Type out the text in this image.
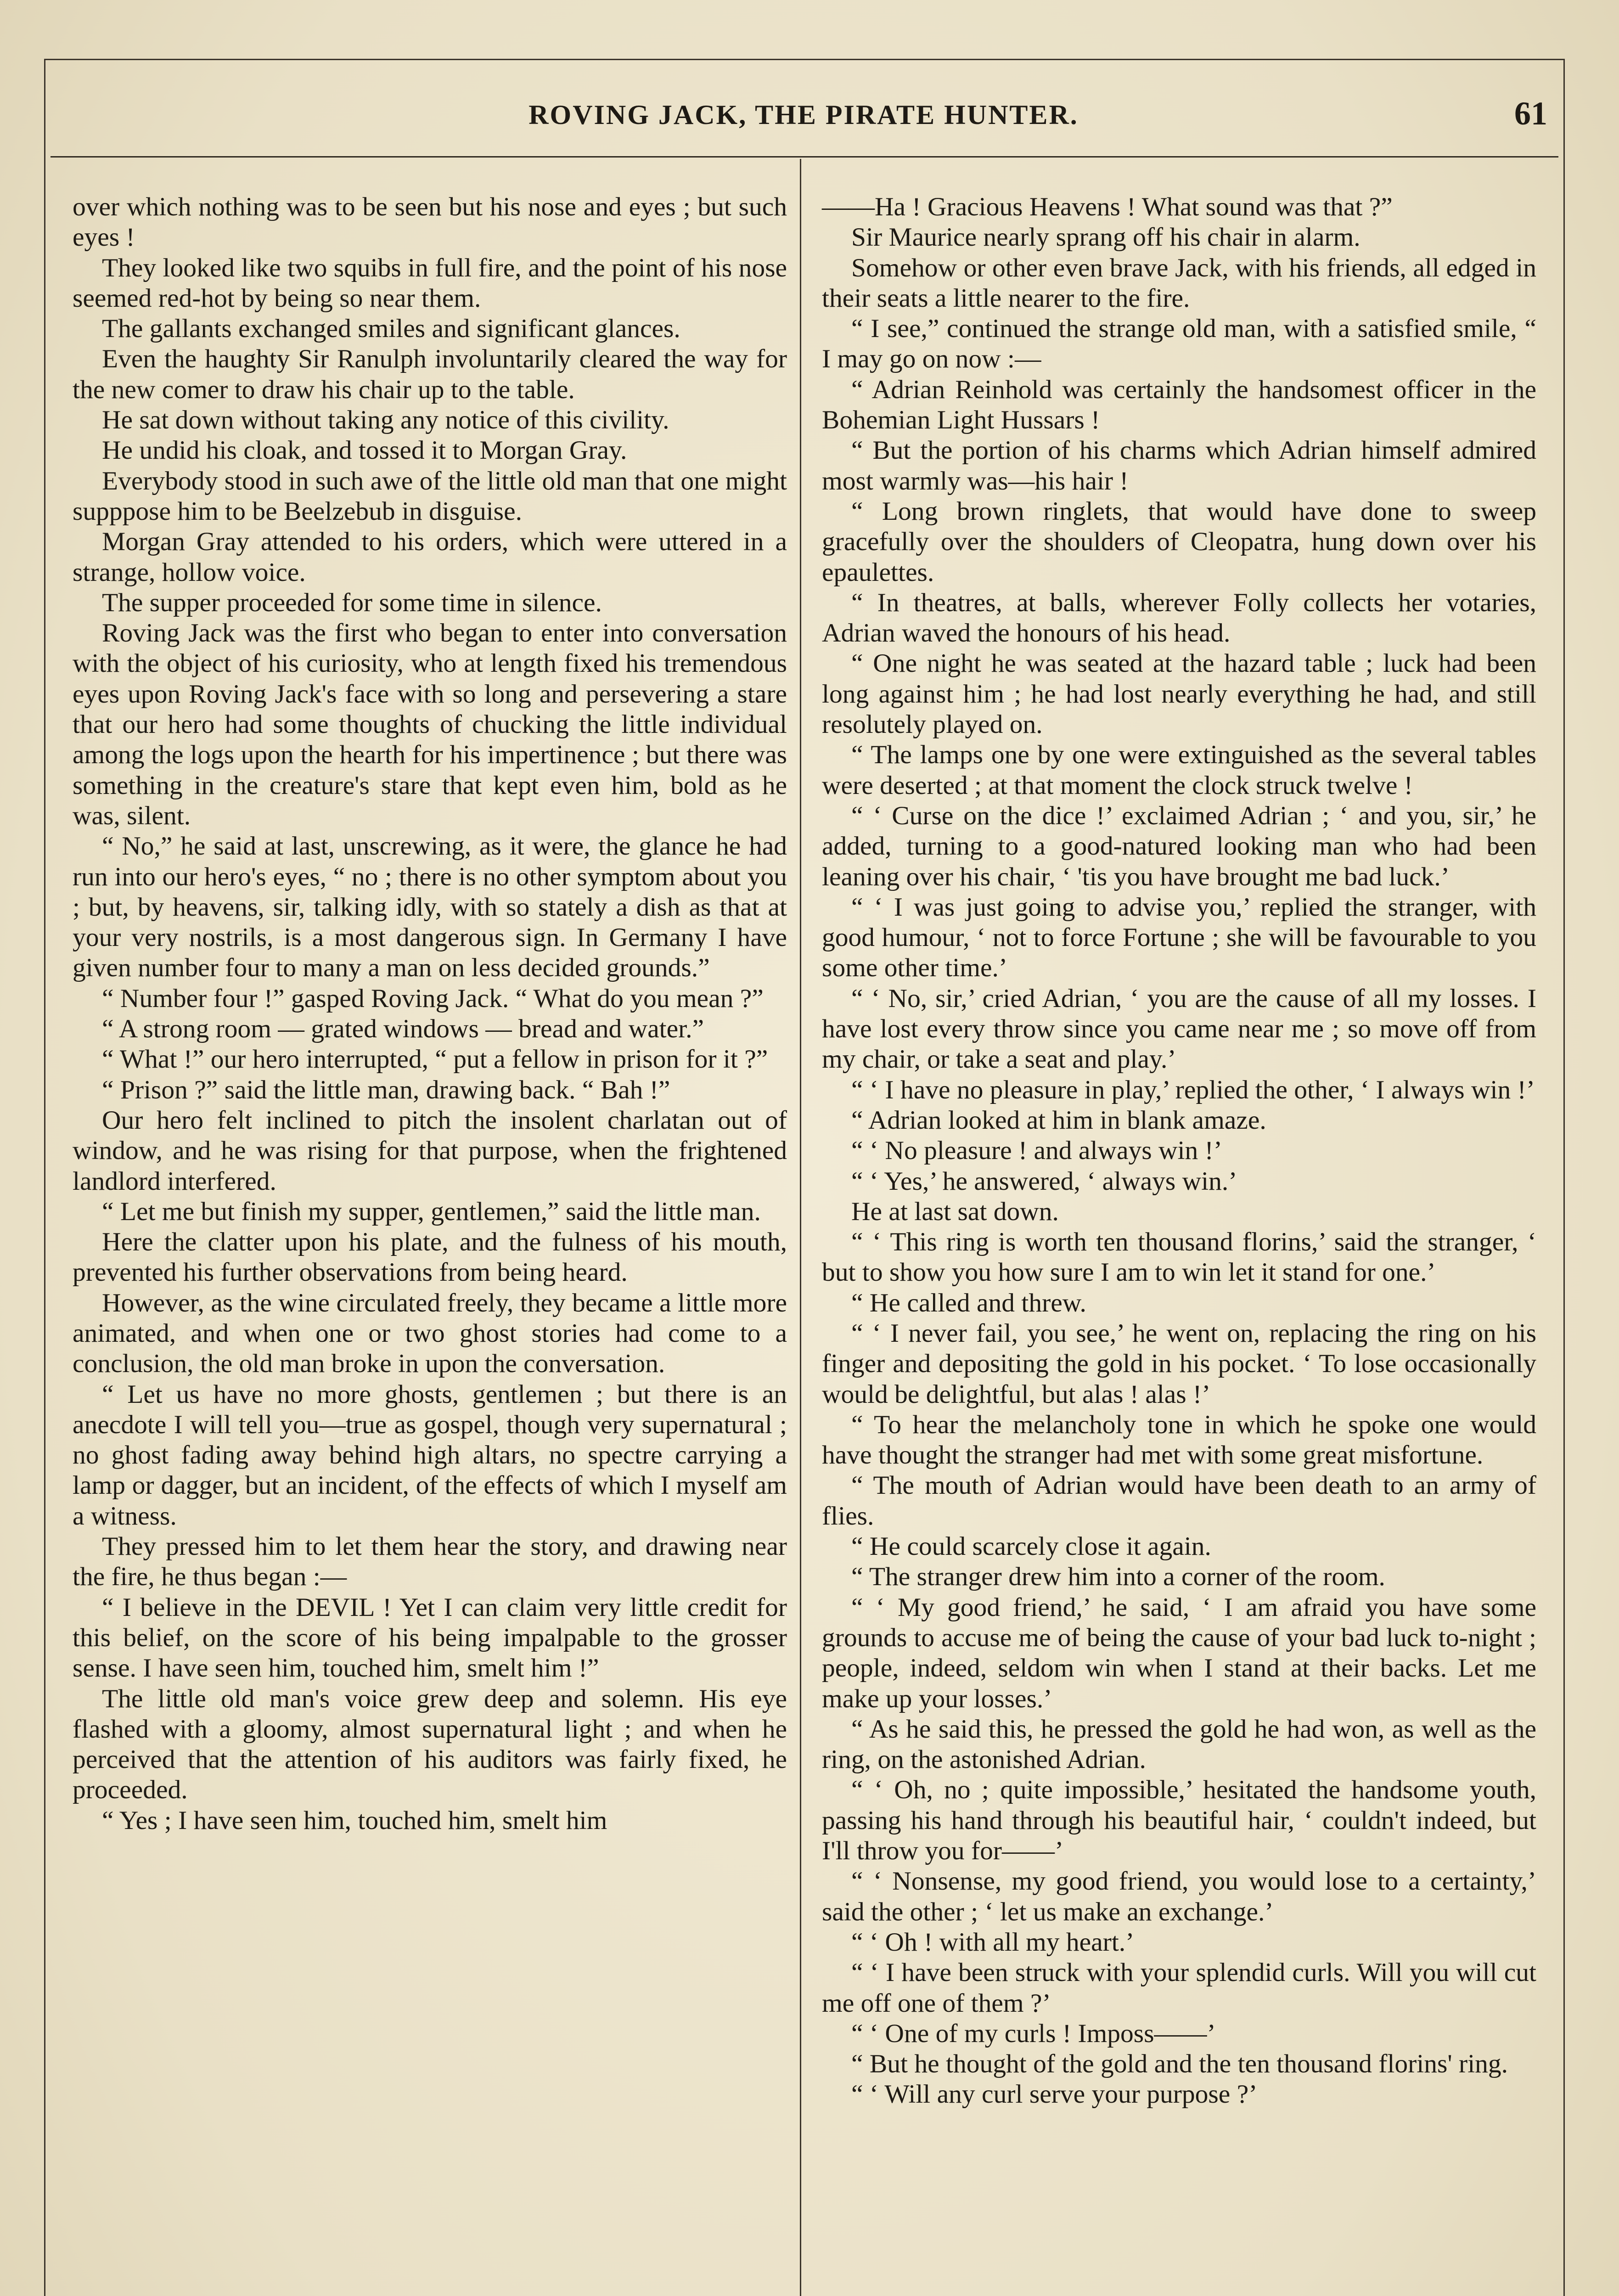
ROVING JACK, THE PIRATE HUNTER.	61

over which nothing was to be seen but his nose and eyes ; but such eyes !

They looked like two squibs in full fire, and the point of his nose seemed red-hot by being so near them.

The gallants exchanged smiles and significant glances.

Even the haughty Sir Ranulph involuntarily cleared the way for the new comer to draw his chair up to the table.

He sat down without taking any notice of this civility.

He undid his cloak, and tossed it to Morgan Gray.

Everybody stood in such awe of the little old man that one might supppose him to be Beelzebub in disguise.

Morgan Gray attended to his orders, which were uttered in a strange, hollow voice.

The supper proceeded for some time in silence.

Roving Jack was the first who began to enter into conversation with the object of his curiosity, who at length fixed his tremendous eyes upon Roving Jack's face with so long and persevering a stare that our hero had some thoughts of chucking the little individual among the logs upon the hearth for his impertinence ; but there was something in the creature's stare that kept even him, bold as he was, silent.

“ No,” he said at last, unscrewing, as it were, the glance he had run into our hero's eyes, “ no ; there is no other symptom about you ; but, by heavens, sir, talking idly, with so stately a dish as that at your very nostrils, is a most dangerous sign. In Germany I have given number four to many a man on less decided grounds.”

“ Number four !” gasped Roving Jack. “ What do you mean ?”

“ A strong room — grated windows — bread and water.”

“ What !” our hero interrupted, “ put a fellow in prison for it ?”

“ Prison ?” said the little man, drawing back. “ Bah !”

Our hero felt inclined to pitch the insolent charlatan out of window, and he was rising for that purpose, when the frightened landlord interfered.

“ Let me but finish my supper, gentlemen,” said the little man.

Here the clatter upon his plate, and the fulness of his mouth, prevented his further observations from being heard.

However, as the wine circulated freely, they became a little more animated, and when one or two ghost stories had come to a conclusion, the old man broke in upon the conversation.

“ Let us have no more ghosts, gentlemen ; but there is an anecdote I will tell you—true as gospel, though very supernatural ; no ghost fading away behind high altars, no spectre carrying a lamp or dagger, but an incident, of the effects of which I myself am a witness.

They pressed him to let them hear the story, and drawing near the fire, he thus began :—

“ I believe in the DEVIL ! Yet I can claim very little credit for this belief, on the score of his being impalpable to the grosser sense. I have seen him, touched him, smelt him !”

The little old man's voice grew deep and solemn. His eye flashed with a gloomy, almost supernatural light ; and when he perceived that the attention of his auditors was fairly fixed, he proceeded.

“ Yes ; I have seen him, touched him, smelt him

——Ha ! Gracious Heavens ! What sound was that ?”

Sir Maurice nearly sprang off his chair in alarm.

Somehow or other even brave Jack, with his friends, all edged in their seats a little nearer to the fire.

“ I see,” continued the strange old man, with a satisfied smile, “ I may go on now :—

“ Adrian Reinhold was certainly the handsomest officer in the Bohemian Light Hussars !

“ But the portion of his charms which Adrian himself admired most warmly was—his hair !

“ Long brown ringlets, that would have done to sweep gracefully over the shoulders of Cleopatra, hung down over his epaulettes.

“ In theatres, at balls, wherever Folly collects her votaries, Adrian waved the honours of his head.

“ One night he was seated at the hazard table ; luck had been long against him ; he had lost nearly everything he had, and still resolutely played on.

“ The lamps one by one were extinguished as the several tables were deserted ; at that moment the clock struck twelve !

“ ‘ Curse on the dice !’ exclaimed Adrian ; ‘ and you, sir,’ he added, turning to a good-natured looking man who had been leaning over his chair, ‘ 'tis you have brought me bad luck.’

“ ‘ I was just going to advise you,’ replied the stranger, with good humour, ‘ not to force Fortune ; she will be favourable to you some other time.’

“ ‘ No, sir,’ cried Adrian, ‘ you are the cause of all my losses. I have lost every throw since you came near me ; so move off from my chair, or take a seat and play.’

“ ‘ I have no pleasure in play,’ replied the other, ‘ I always win !’

“ Adrian looked at him in blank amaze.

“ ‘ No pleasure ! and always win !’

“ ‘ Yes,’ he answered, ‘ always win.’

He at last sat down.

“ ‘ This ring is worth ten thousand florins,’ said the stranger, ‘ but to show you how sure I am to win let it stand for one.’

“ He called and threw.

“ ‘ I never fail, you see,’ he went on, replacing the ring on his finger and depositing the gold in his pocket. ‘ To lose occasionally would be delightful, but alas ! alas !’

“ To hear the melancholy tone in which he spoke one would have thought the stranger had met with some great misfortune.

“ The mouth of Adrian would have been death to an army of flies.

“ He could scarcely close it again.

“ The stranger drew him into a corner of the room.

“ ‘ My good friend,’ he said, ‘ I am afraid you have some grounds to accuse me of being the cause of your bad luck to-night ; people, indeed, seldom win when I stand at their backs. Let me make up your losses.’

“ As he said this, he pressed the gold he had won, as well as the ring, on the astonished Adrian.

“ ‘ Oh, no ; quite impossible,’ hesitated the handsome youth, passing his hand through his beautiful hair, ‘ couldn't indeed, but I'll throw you for——’

“ ‘ Nonsense, my good friend, you would lose to a certainty,’ said the other ; ‘ let us make an exchange.’

“ ‘ Oh ! with all my heart.’

“ ‘ I have been struck with your splendid curls. Will you will cut me off one of them ?’

“ ‘ One of my curls ! Imposs——’

“ But he thought of the gold and the ten thousand florins' ring.

“ ‘ Will any curl serve your purpose ?’
